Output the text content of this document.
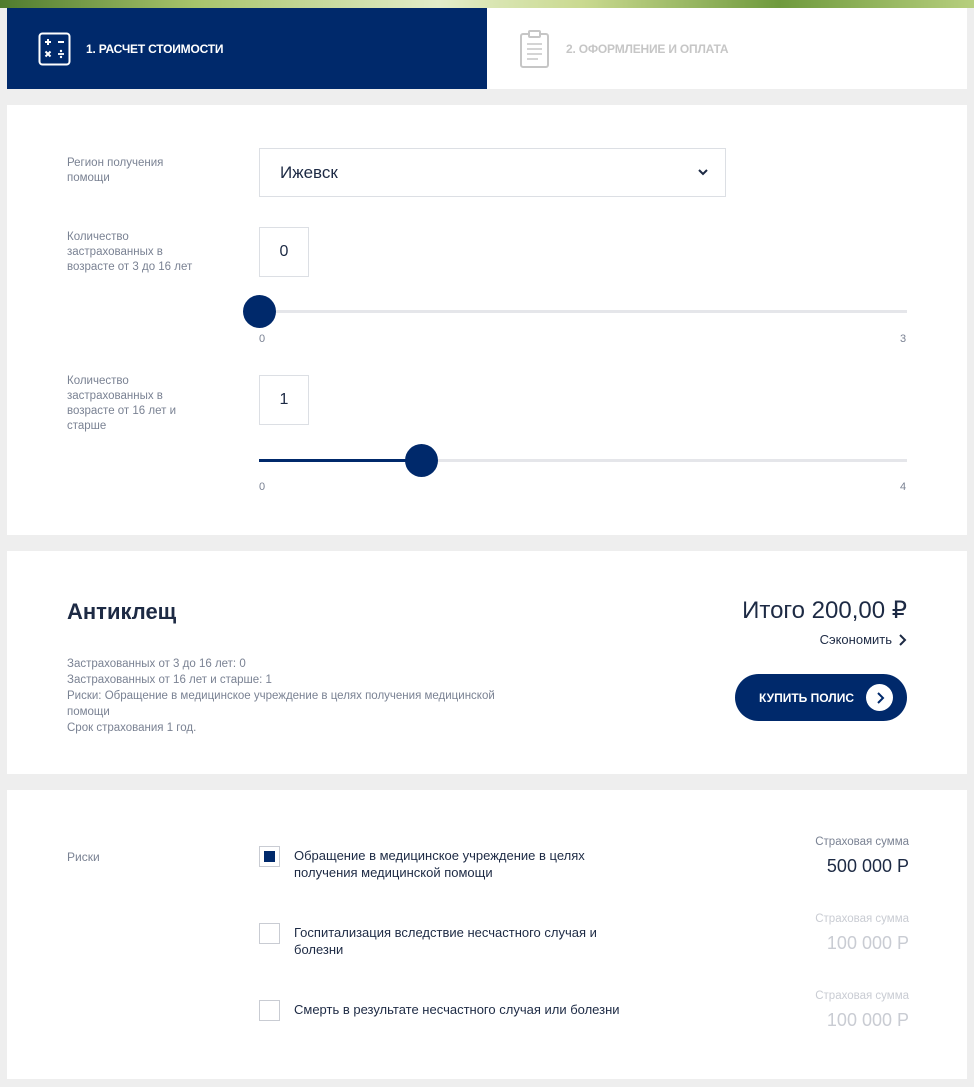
1. РАСЧЕТ СТОИМОСТИ	2. ОФОРМЛЕНИЕ И ОПЛАТА
Регион получения помощи	Ижевск
Количество застрахованных в возрасте от 3 до 16 лет
0
0	3
Количество застрахованных в возрасте от 16 лет и старше
1
0	4
Антиклещ
Застрахованных от 3 до 16 лет: 0
Застрахованных от 16 лет и старше: 1
Риски: Обращение в медицинское учреждение в целях получения медицинской помощи
Срок страхования 1 год.
Итого 200,00 ₽
Сэкономить
КУПИТЬ ПОЛИС
Риски	Обращение в медицинское учреждение в целях получения медицинской помощи
Страховая сумма
500 000 Р
Госпитализация вследствие несчастного случая и болезни
Страховая сумма
100 000 Р
Смерть в результате несчастного случая или болезни
Страховая сумма
100 000 Р
